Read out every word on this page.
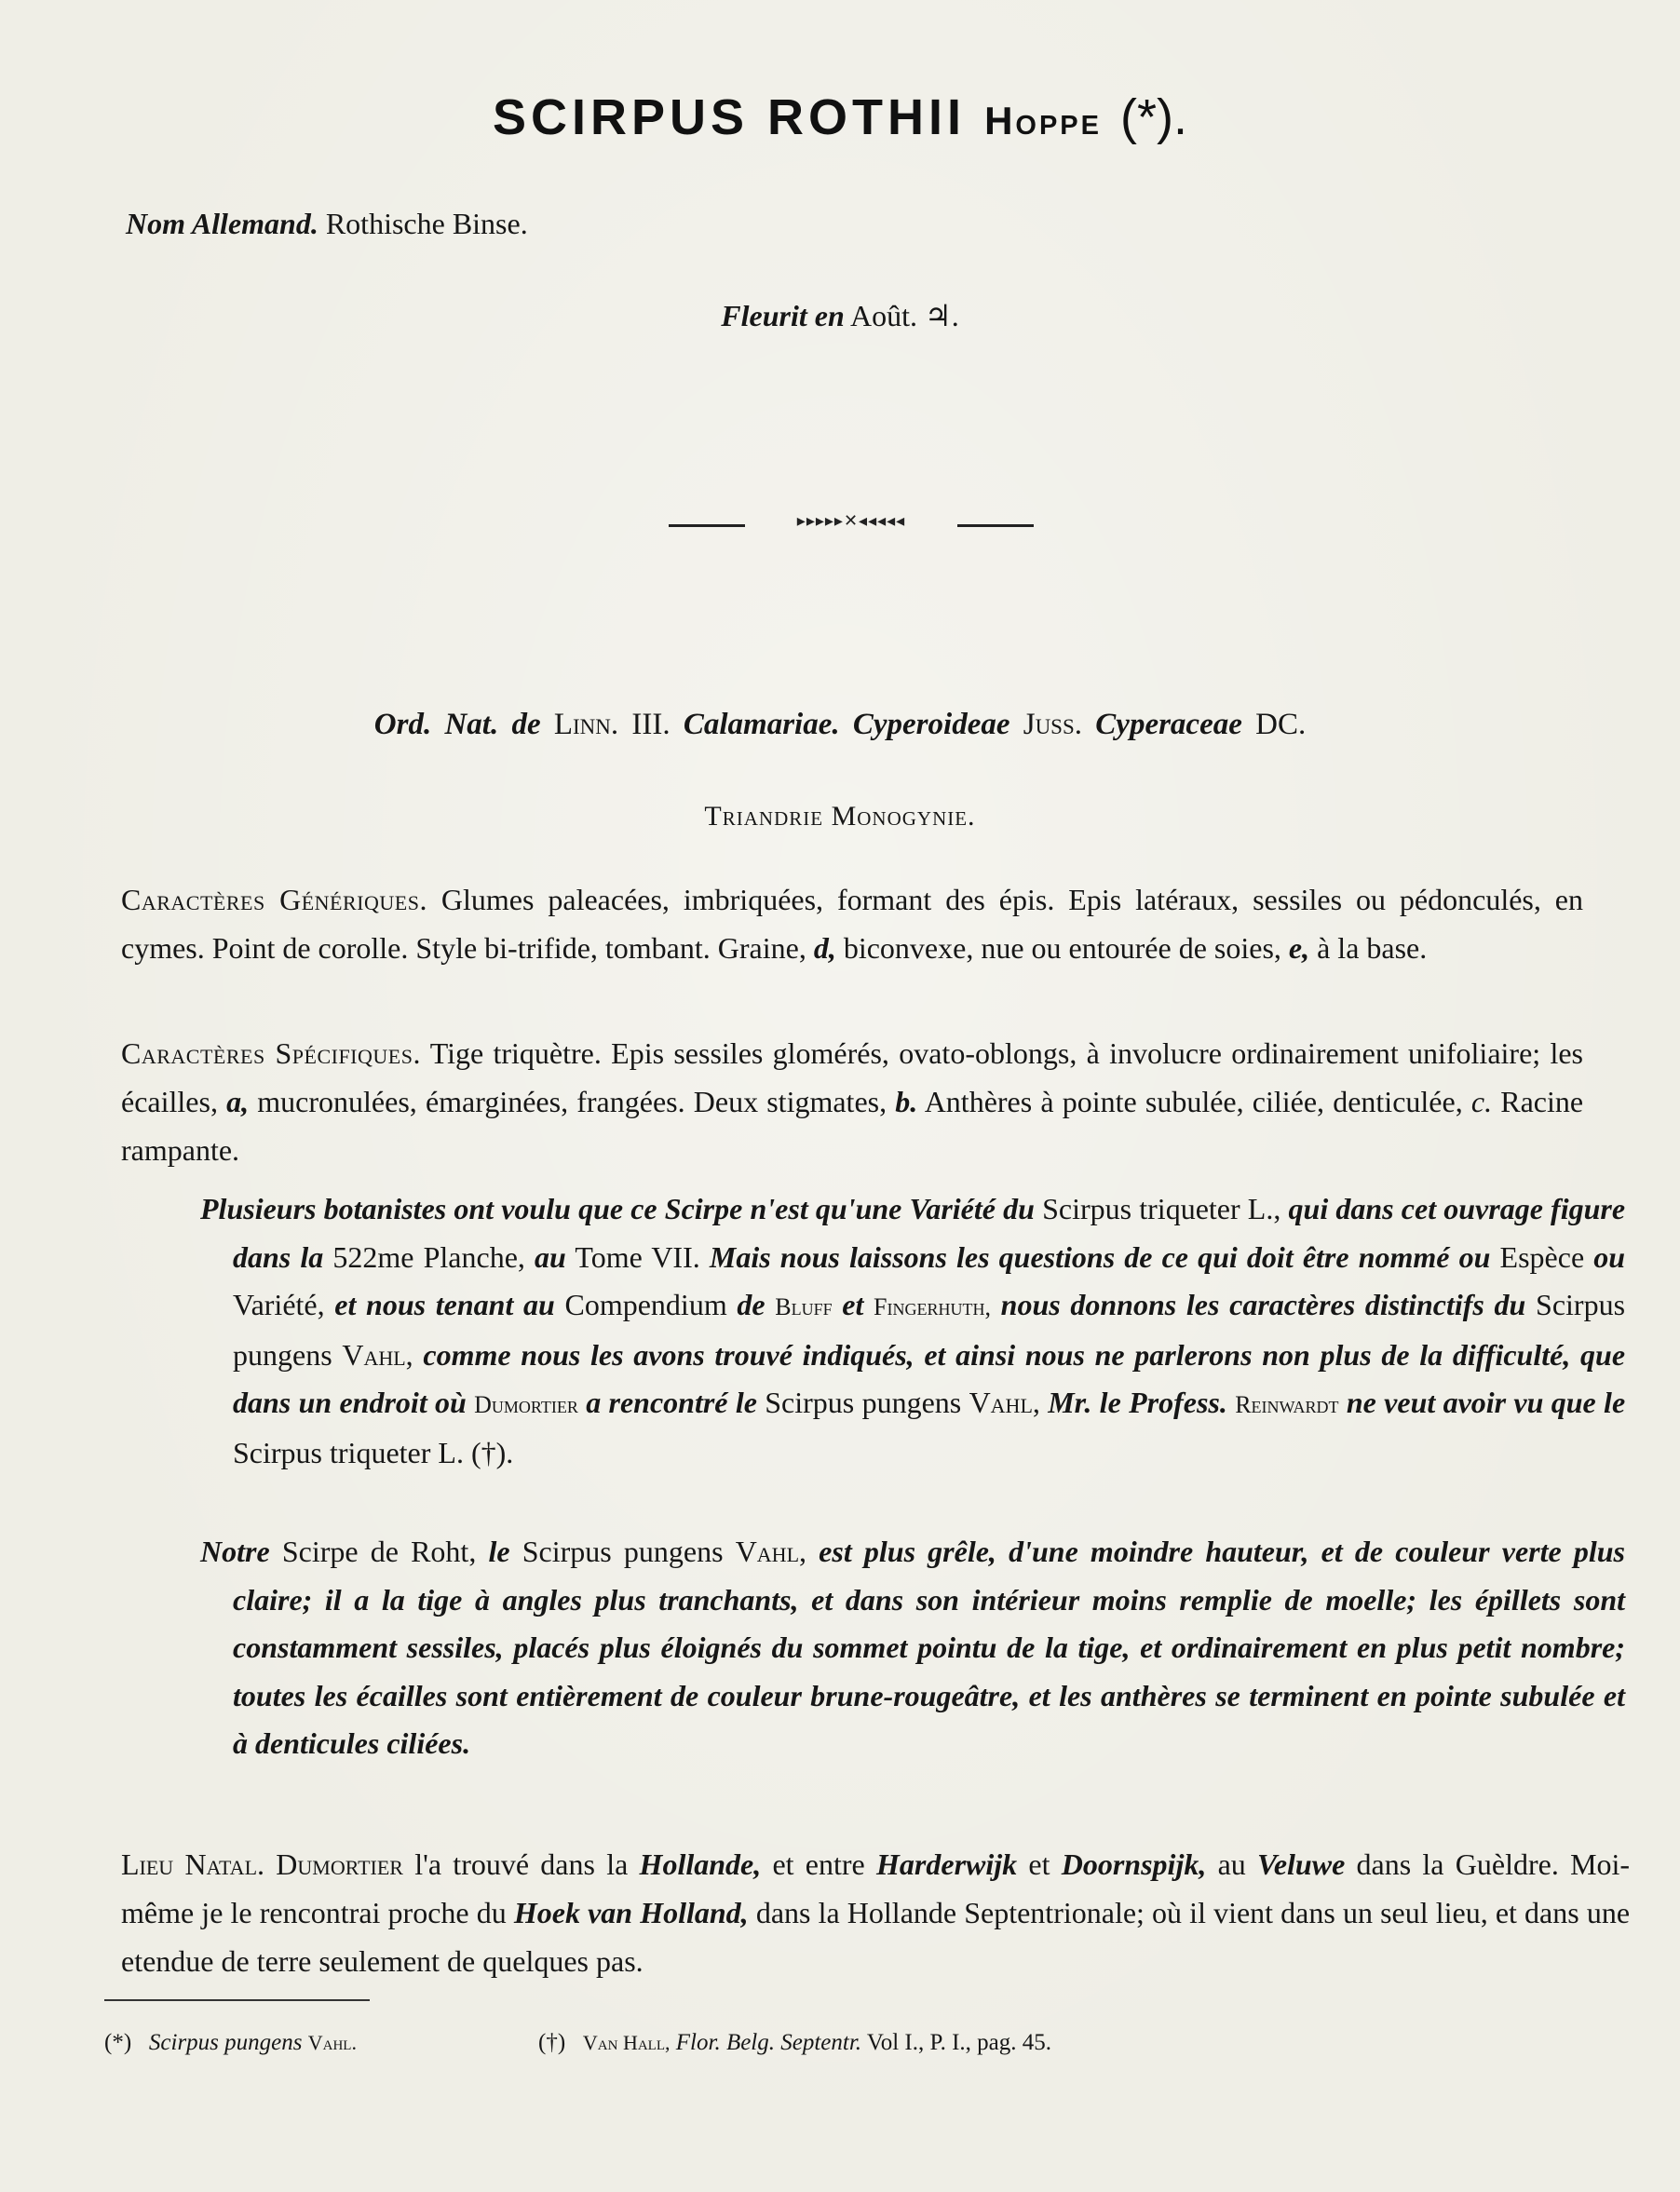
SCIRPUS ROTHII Hoppe (*).
Nom Allemand. Rothische Binse.
Fleurit en Août. ♃.
▸▸▸▸▸✕◂◂◂◂◂
Ord. Nat. de Linn. III. Calamariae. Cyperoideae Juss. Cyperaceae DC.
Triandrie Monogynie.
Caractères Génériques. Glumes paleacées, imbriquées, formant des épis. Epis latéraux, sessiles ou pédonculés, en cymes. Point de corolle. Style bi-trifide, tombant. Graine, d, biconvexe, nue ou entourée de soies, e, à la base.
Caractères Spécifiques. Tige triquètre. Epis sessiles glomérés, ovato-oblongs, à involucre ordinairement unifoliaire; les écailles, a, mucronulées, émarginées, frangées. Deux stigmates, b. Anthères à pointe subulée, ciliée, denticulée, c. Racine rampante.
Plusieurs botanistes ont voulu que ce Scirpe n'est qu'une Variété du Scirpus triqueter L., qui dans cet ouvrage figure dans la 522me Planche, au Tome VII. Mais nous laissons les questions de ce qui doit être nommé ou Espèce ou Variété, et nous tenant au Compendium de Bluff et Fingerhuth, nous donnons les caractères distinctifs du Scirpus pungens Vahl, comme nous les avons trouvé indiqués, et ainsi nous ne parlerons non plus de la difficulté, que dans un endroit où Dumortier a rencontré le Scirpus pungens Vahl, Mr. le Profess. Reinwardt ne veut avoir vu que le Scirpus triqueter L. (†).
Notre Scirpe de Roht, le Scirpus pungens Vahl, est plus grêle, d'une moindre hauteur, et de couleur verte plus claire; il a la tige à angles plus tranchants, et dans son intérieur moins remplie de moelle; les épillets sont constamment sessiles, placés plus éloignés du sommet pointu de la tige, et ordinairement en plus petit nombre; toutes les écailles sont entièrement de couleur brune-rougeâtre, et les anthères se terminent en pointe subulée et à denticules ciliées.
Lieu Natal. Dumortier l'a trouvé dans la Hollande, et entre Harderwijk et Doornspijk, au Veluwe dans la Guèldre. Moi-même je le rencontrai proche du Hoek van Holland, dans la Hollande Septentrionale; où il vient dans un seul lieu, et dans une etendue de terre seulement de quelques pas.
(*) Scirpus pungens Vahl.	(†) Van Hall, Flor. Belg. Septentr. Vol I., P. I., pag. 45.
